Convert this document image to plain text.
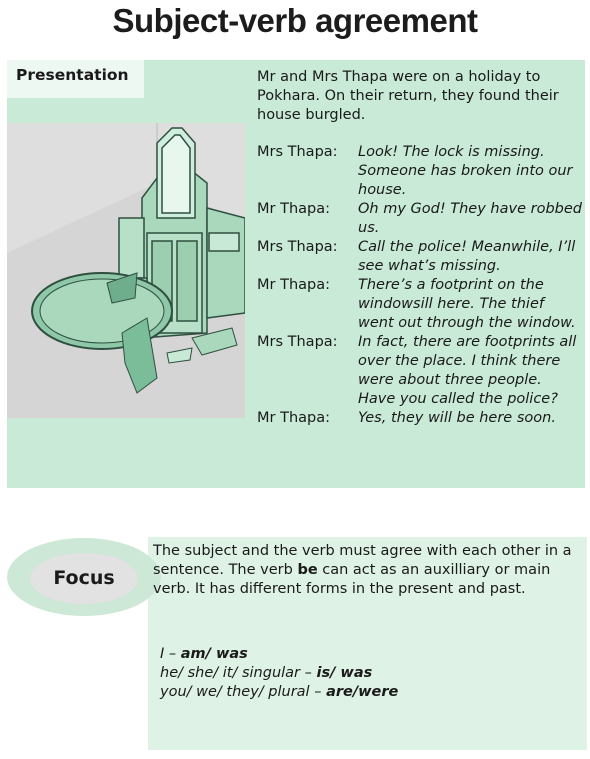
Subject-verb agreement
Presentation	Mr and Mrs Thapa were on a holiday to Pokhara. On their return, they found their house burgled.
Mrs Thapa:	Look! The lock is missing. Someone has broken into our house.
Mr Thapa:	Oh my God! They have robbed us.
Mrs Thapa:	Call the police! Meanwhile, I’ll see what’s missing.
Mr Thapa:	There’s a footprint on the windowsill here. The thief went out through the window.
Mrs Thapa:	In fact, there are footprints all over the place. I think there were about three people. Have you called the police?
Mr Thapa:	Yes, they will be here soon.
Focus
The subject and the verb must agree with each other in a sentence. The verb be can act as an auxilliary or main verb. It has different forms in the present and past.
I – am/ was
he/ she/ it/ singular – is/ was
you/ we/ they/ plural – are/were
